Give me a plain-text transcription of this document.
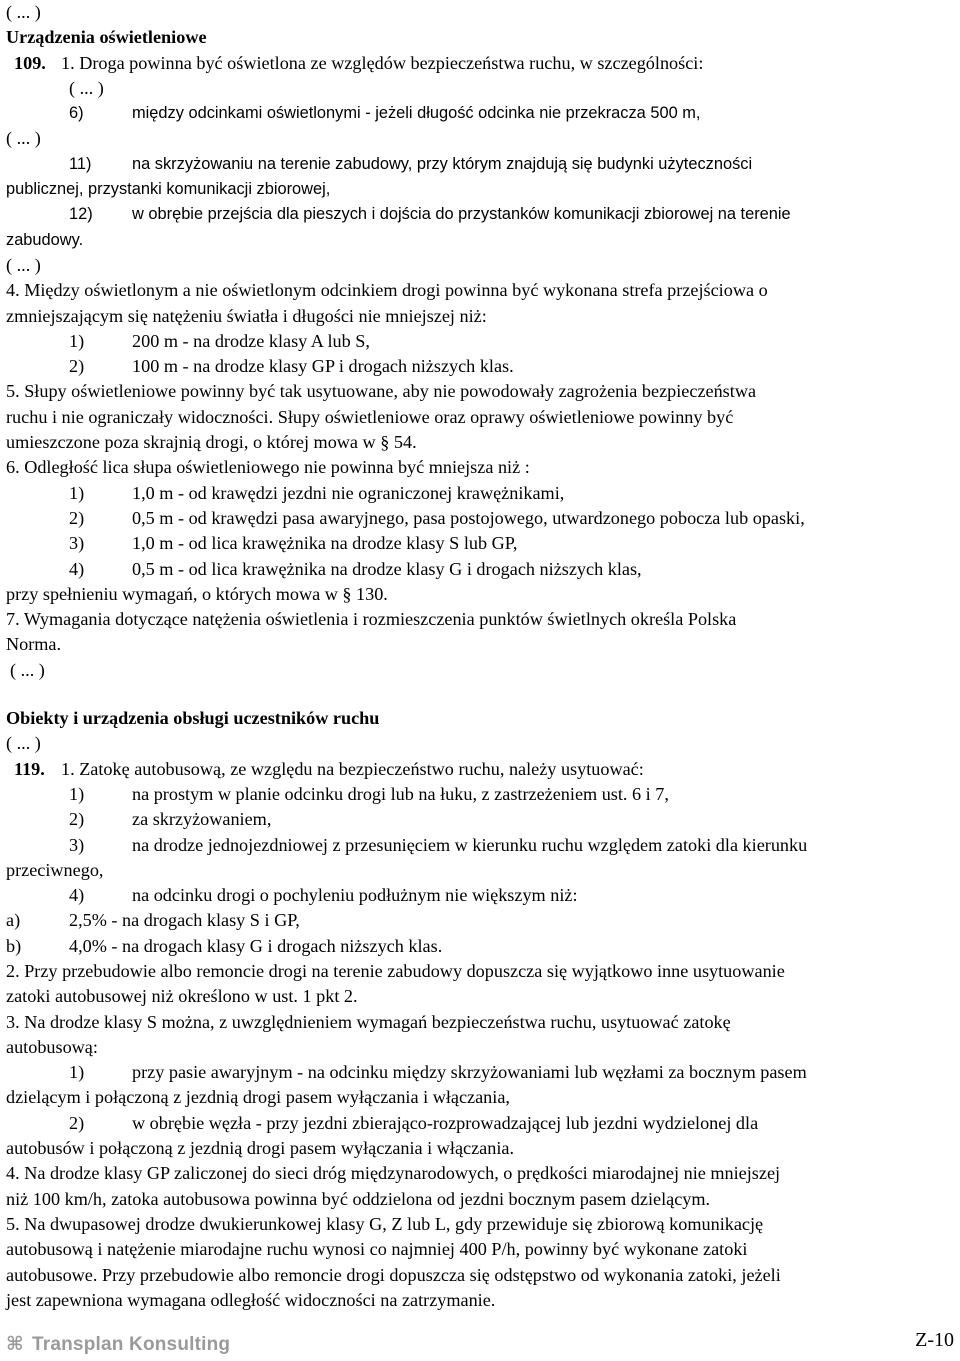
( ... )
Urządzenia oświetleniowe
109. 1. Droga powinna być oświetlona ze względów bezpieczeństwa ruchu, w szczególności:
( ... )
6)	między odcinkami oświetlonymi - jeżeli długość odcinka nie przekracza 500 m,
( ... )
11) na skrzyżowaniu na terenie zabudowy, przy którym znajdują się budynki użyteczności
publicznej, przystanki komunikacji zbiorowej,
12) w obrębie przejścia dla pieszych i dojścia do przystanków komunikacji zbiorowej na terenie
zabudowy.
( ... )
4. Między oświetlonym a nie oświetlonym odcinkiem drogi powinna być wykonana strefa przejściowa o
zmniejszającym się natężeniu światła i długości nie mniejszej niż:
1)	200 m - na drodze klasy A lub S,
2)	100 m - na drodze klasy GP i drogach niższych klas.
5. Słupy oświetleniowe powinny być tak usytuowane, aby nie powodowały zagrożenia bezpieczeństwa
ruchu i nie ograniczały widoczności. Słupy oświetleniowe oraz oprawy oświetleniowe powinny być
umieszczone poza skrajnią drogi, o której mowa w § 54.
6. Odległość lica słupa oświetleniowego nie powinna być mniejsza niż :
1)	1,0 m - od krawędzi jezdni nie ograniczonej krawężnikami,
2)	0,5 m - od krawędzi pasa awaryjnego, pasa postojowego, utwardzonego pobocza lub opaski,
3)	1,0 m - od lica krawężnika na drodze klasy S lub GP,
4)	0,5 m - od lica krawężnika na drodze klasy G i drogach niższych klas,
przy spełnieniu wymagań, o których mowa w § 130.
7. Wymagania dotyczące natężenia oświetlenia i rozmieszczenia punktów świetlnych określa Polska
Norma.
( ... )
Obiekty i urządzenia obsługi uczestników ruchu
( ... )
119. 1. Zatokę autobusową, ze względu na bezpieczeństwo ruchu, należy usytuować:
1)	na prostym w planie odcinku drogi lub na łuku, z zastrzeżeniem ust. 6 i 7,
2)	za skrzyżowaniem,
3)	na drodze jednojezdniowej z przesunięciem w kierunku ruchu względem zatoki dla kierunku
przeciwnego,
4)	na odcinku drogi o pochyleniu podłużnym nie większym niż:
a)	2,5% - na drogach klasy S i GP,
b)	4,0% - na drogach klasy G i drogach niższych klas.
2. Przy przebudowie albo remoncie drogi na terenie zabudowy dopuszcza się wyjątkowo inne usytuowanie
zatoki autobusowej niż określono w ust. 1 pkt 2.
3. Na drodze klasy S można, z uwzględnieniem wymagań bezpieczeństwa ruchu, usytuować zatokę
autobusową:
1)	przy pasie awaryjnym - na odcinku między skrzyżowaniami lub węzłami za bocznym pasem
dzielącym i połączoną z jezdnią drogi pasem wyłączania i włączania,
2)	w obrębie węzła - przy jezdni zbierająco-rozprowadzającej lub jezdni wydzielonej dla
autobusów i połączoną z jezdnią drogi pasem wyłączania i włączania.
4. Na drodze klasy GP zaliczonej do sieci dróg międzynarodowych, o prędkości miarodajnej nie mniejszej
niż 100 km/h, zatoka autobusowa powinna być oddzielona od jezdni bocznym pasem dzielącym.
5. Na dwupasowej drodze dwukierunkowej klasy G, Z lub L, gdy przewiduje się zbiorową komunikację
autobusową i natężenie miarodajne ruchu wynosi co najmniej 400 P/h, powinny być wykonane zatoki
autobusowe. Przy przebudowie albo remoncie drogi dopuszcza się odstępstwo od wykonania zatoki, jeżeli
jest zapewniona wymagana odległość widoczności na zatrzymanie.
⌘ Transplan Konsulting	Z-10
